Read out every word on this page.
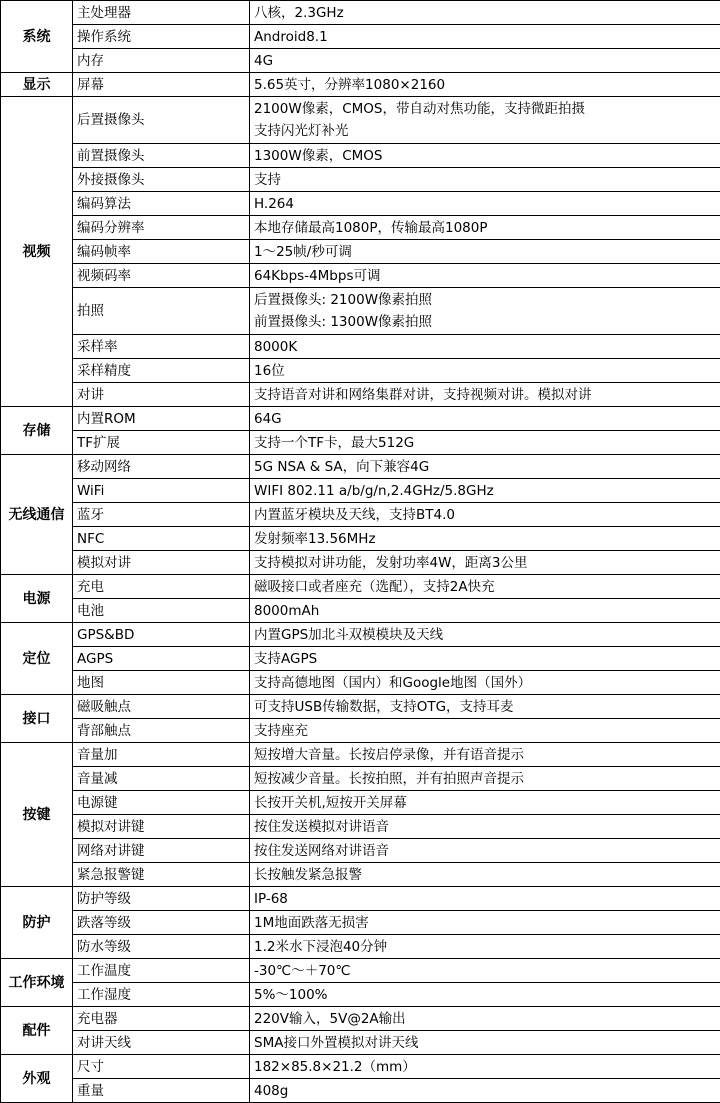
系统	主处理器	八核，2.3GHz

	操作系统	Android8.1

	内存	4G

显示	屏幕	5.65英寸，分辨率1080×2160

视频	后置摄像头	2100W像素，CMOS，带自动对焦功能，支持微距拍摄
支持闪光灯补光

	前置摄像头	1300W像素，CMOS

	外接摄像头	支持

	编码算法	H.264

	编码分辨率	本地存储最高1080P，传输最高1080P

	编码帧率	1～25帧/秒可调

	视频码率	64Kbps-4Mbps可调

	拍照	后置摄像头: 2100W像素拍照
前置摄像头: 1300W像素拍照

	采样率	8000K

	采样精度	16位

	对讲	支持语音对讲和网络集群对讲，支持视频对讲。模拟对讲

存储	内置ROM	64G

	TF扩展	支持一个TF卡，最大512G

无线通信	移动网络	5G NSA & SA，向下兼容4G

	WiFi	WIFI 802.11 a/b/g/n,2.4GHz/5.8GHz

	蓝牙	内置蓝牙模块及天线，支持BT4.0

	NFC	发射频率13.56MHz

	模拟对讲	支持模拟对讲功能，发射功率4W，距离3公里

电源	充电	磁吸接口或者座充（选配），支持2A快充

	电池	8000mAh

定位	GPS&BD	内置GPS加北斗双模模块及天线

	AGPS	支持AGPS

	地图	支持高德地图（国内）和Google地图（国外）

接口	磁吸触点	可支持USB传输数据，支持OTG，支持耳麦

	背部触点	支持座充

按键	音量加	短按增大音量。长按启停录像，并有语音提示

	音量减	短按减少音量。长按拍照，并有拍照声音提示

	电源键	长按开关机,短按开关屏幕

	模拟对讲键	按住发送模拟对讲语音

	网络对讲键	按住发送网络对讲语音

	紧急报警键	长按触发紧急报警

防护	防护等级	IP-68

	跌落等级	1M地面跌落无损害

	防水等级	1.2米水下浸泡40分钟

工作环境	工作温度	-30℃～＋70℃

	工作湿度	5%～100%

配件	充电器	220V输入，5V@2A输出

	对讲天线	SMA接口外置模拟对讲天线

外观	尺寸	182×85.8×21.2（mm）

	重量	408g
